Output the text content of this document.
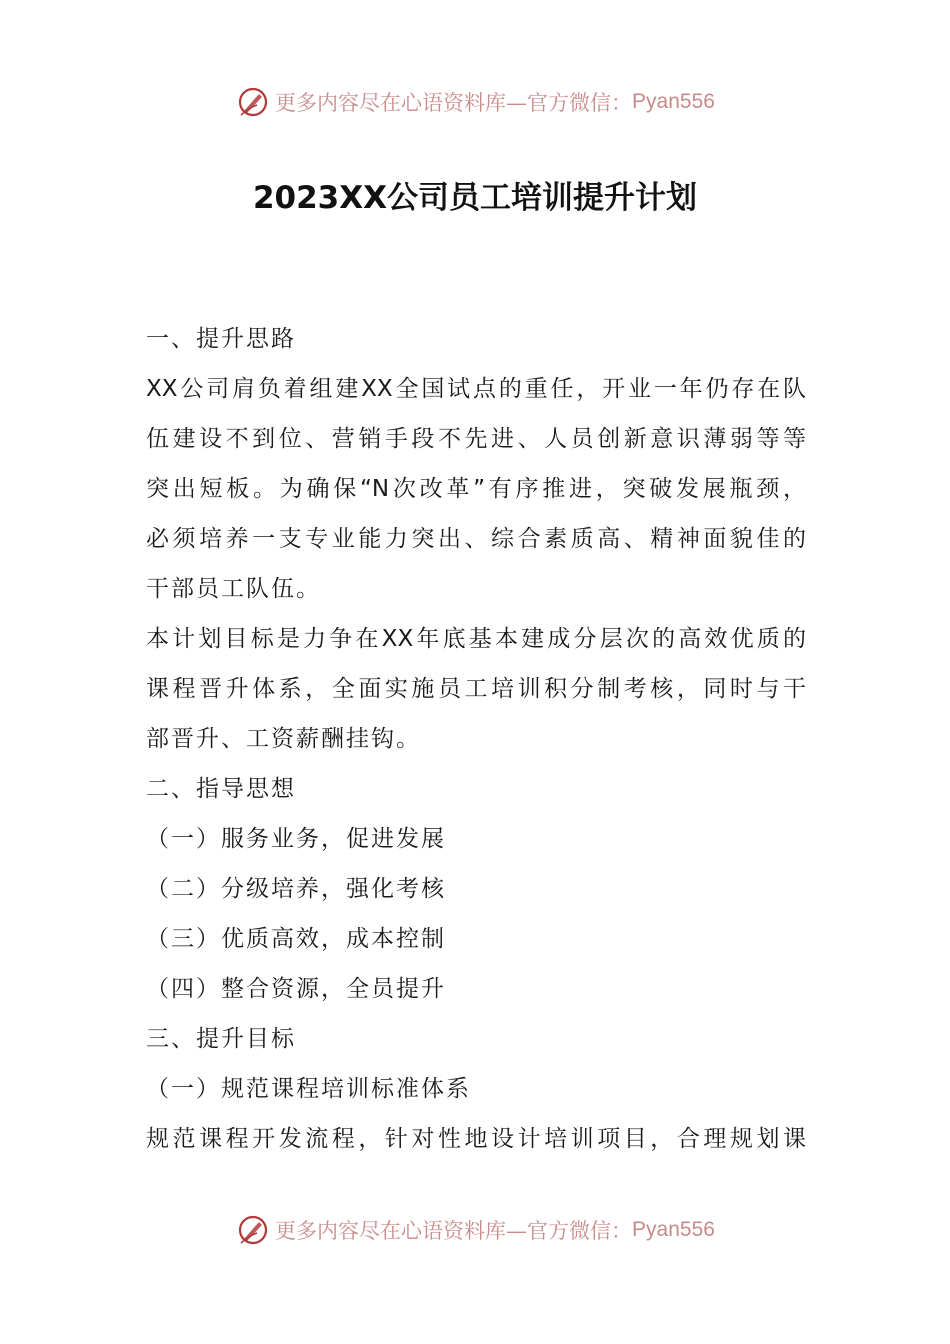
更多内容尽在心语资料库—官方微信： Pyan556
2023XX公司员工培训提升计划
一、提升思路
XX公司肩负着组建XX全国试点的重任，开业一年仍存在队
伍建设不到位、营销手段不先进、人员创新意识薄弱等等
突出短板。为确保“N次改革”有序推进，突破发展瓶颈，
必须培养一支专业能力突出、综合素质高、精神面貌佳的
干部员工队伍。
本计划目标是力争在XX年底基本建成分层次的高效优质的
课程晋升体系，全面实施员工培训积分制考核，同时与干
部晋升、工资薪酬挂钩。
二、指导思想
（一）服务业务，促进发展
（二）分级培养，强化考核
（三）优质高效，成本控制
（四）整合资源，全员提升
三、提升目标
（一）规范课程培训标准体系
规范课程开发流程，针对性地设计培训项目，合理规划课
更多内容尽在心语资料库—官方微信： Pyan556
